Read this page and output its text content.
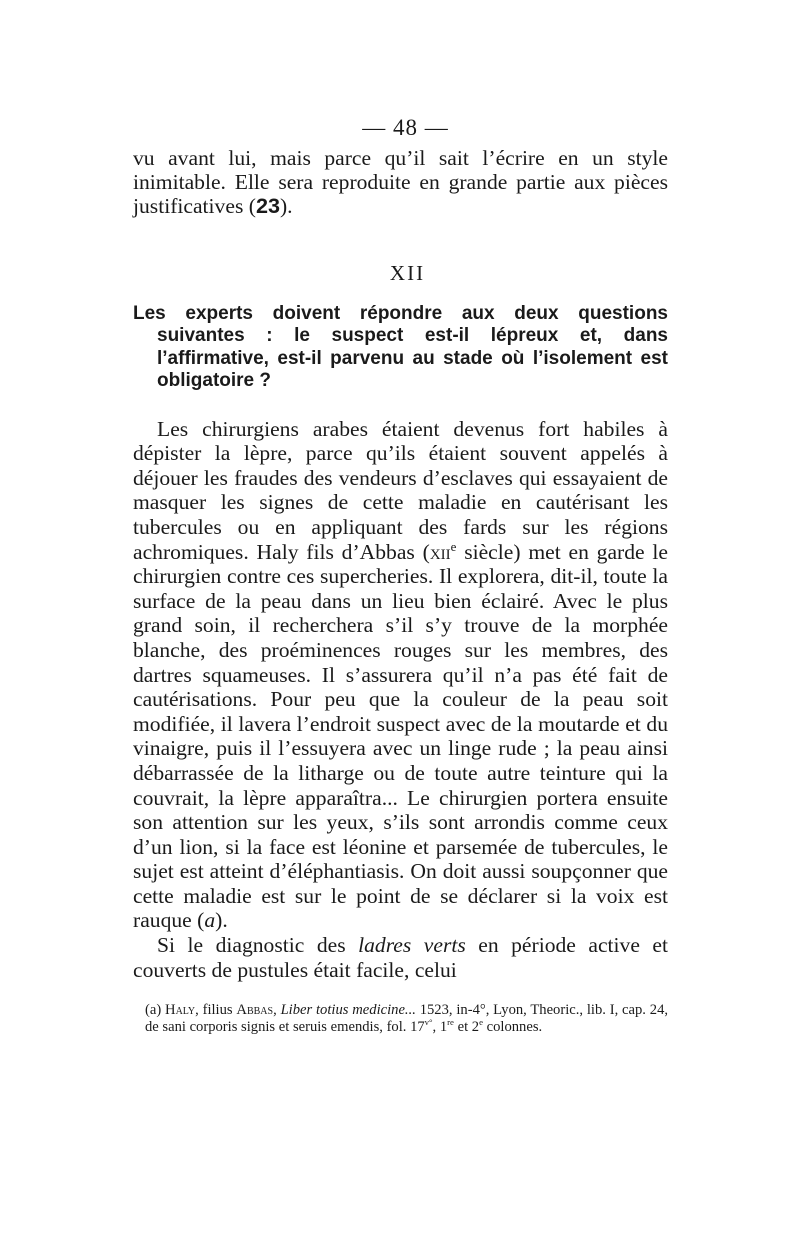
— 48 —

vu avant lui, mais parce qu’il sait l’écrire en un style inimitable. Elle sera reproduite en grande partie aux pièces justificatives (23).

XII
Les experts doivent répondre aux deux questions suivantes : le suspect est-il lépreux et, dans l’affirmative, est-il parvenu au stade où l’isolement est obligatoire ?

Les chirurgiens arabes étaient devenus fort habiles à dépister la lèpre, parce qu’ils étaient souvent appelés à déjouer les fraudes des vendeurs d’esclaves qui essayaient de masquer les signes de cette maladie en cautérisant les tubercules ou en appliquant des fards sur les régions achromiques. Haly fils d’Abbas (xii$^e$ siècle) met en garde le chirurgien contre ces supercheries. Il explorera, dit-il, toute la surface de la peau dans un lieu bien éclairé. Avec le plus grand soin, il recherchera s’il s’y trouve de la morphée blanche, des proéminences rouges sur les membres, des dartres squameuses. Il s’assurera qu’il n’a pas été fait de cautérisations. Pour peu que la couleur de la peau soit modifiée, il lavera l’endroit suspect avec de la moutarde et du vinaigre, puis il l’essuyera avec un linge rude ; la peau ainsi débarrassée de la litharge ou de toute autre teinture qui la couvrait, la lèpre apparaîtra... Le chirurgien portera ensuite son attention sur les yeux, s’ils sont arrondis comme ceux d’un lion, si la face est léonine et parsemée de tubercules, le sujet est atteint d’éléphantiasis. On doit aussi soupçonner que cette maladie est sur le point de se déclarer si la voix est rauque (a).

Si le diagnostic des ladres verts en période active et couverts de pustules était facile, celui

(a) Haly, filius Abbas, Liber totius medicine... 1523, in-4°, Lyon, Theoric., lib. I, cap. 24, de sani corporis signis et seruis emendis, fol. $17^{v^\circ}$, 1re et 2e colonnes.
